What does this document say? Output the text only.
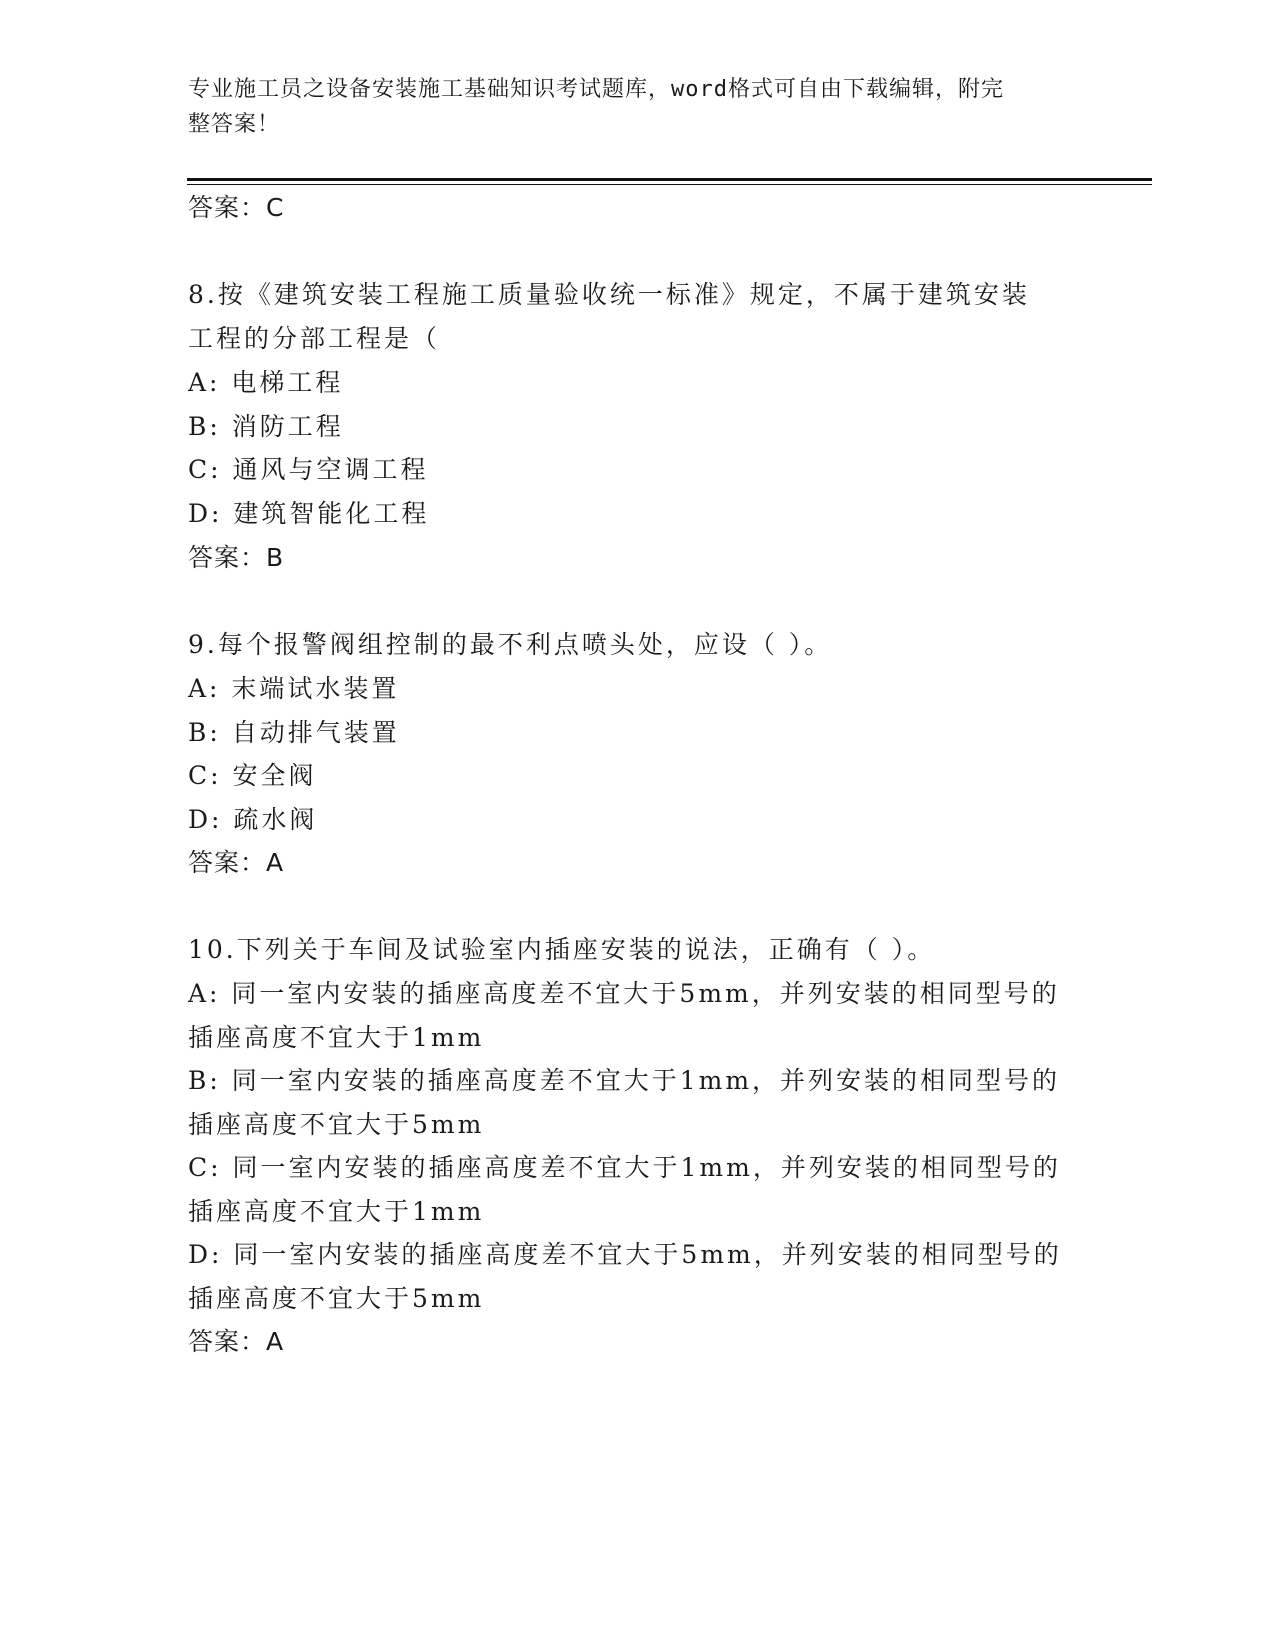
专业施工员之设备安装施工基础知识考试题库，word格式可自由下载编辑，附完
整答案！
答案：C
8.按《建筑安装工程施工质量验收统一标准》规定，不属于建筑安装
工程的分部工程是（
A: 电梯工程
B: 消防工程
C: 通风与空调工程
D: 建筑智能化工程
答案：B
9.每个报警阀组控制的最不利点喷头处，应设（ ）。
A: 末端试水装置
B: 自动排气装置
C: 安全阀
D: 疏水阀
答案：A
10.下列关于车间及试验室内插座安装的说法，正确有（ ）。
A: 同一室内安装的插座高度差不宜大于5mm，并列安装的相同型号的
插座高度不宜大于1mm
B: 同一室内安装的插座高度差不宜大于1mm，并列安装的相同型号的
插座高度不宜大于5mm
C: 同一室内安装的插座高度差不宜大于1mm，并列安装的相同型号的
插座高度不宜大于1mm
D: 同一室内安装的插座高度差不宜大于5mm，并列安装的相同型号的
插座高度不宜大于5mm
答案：A
